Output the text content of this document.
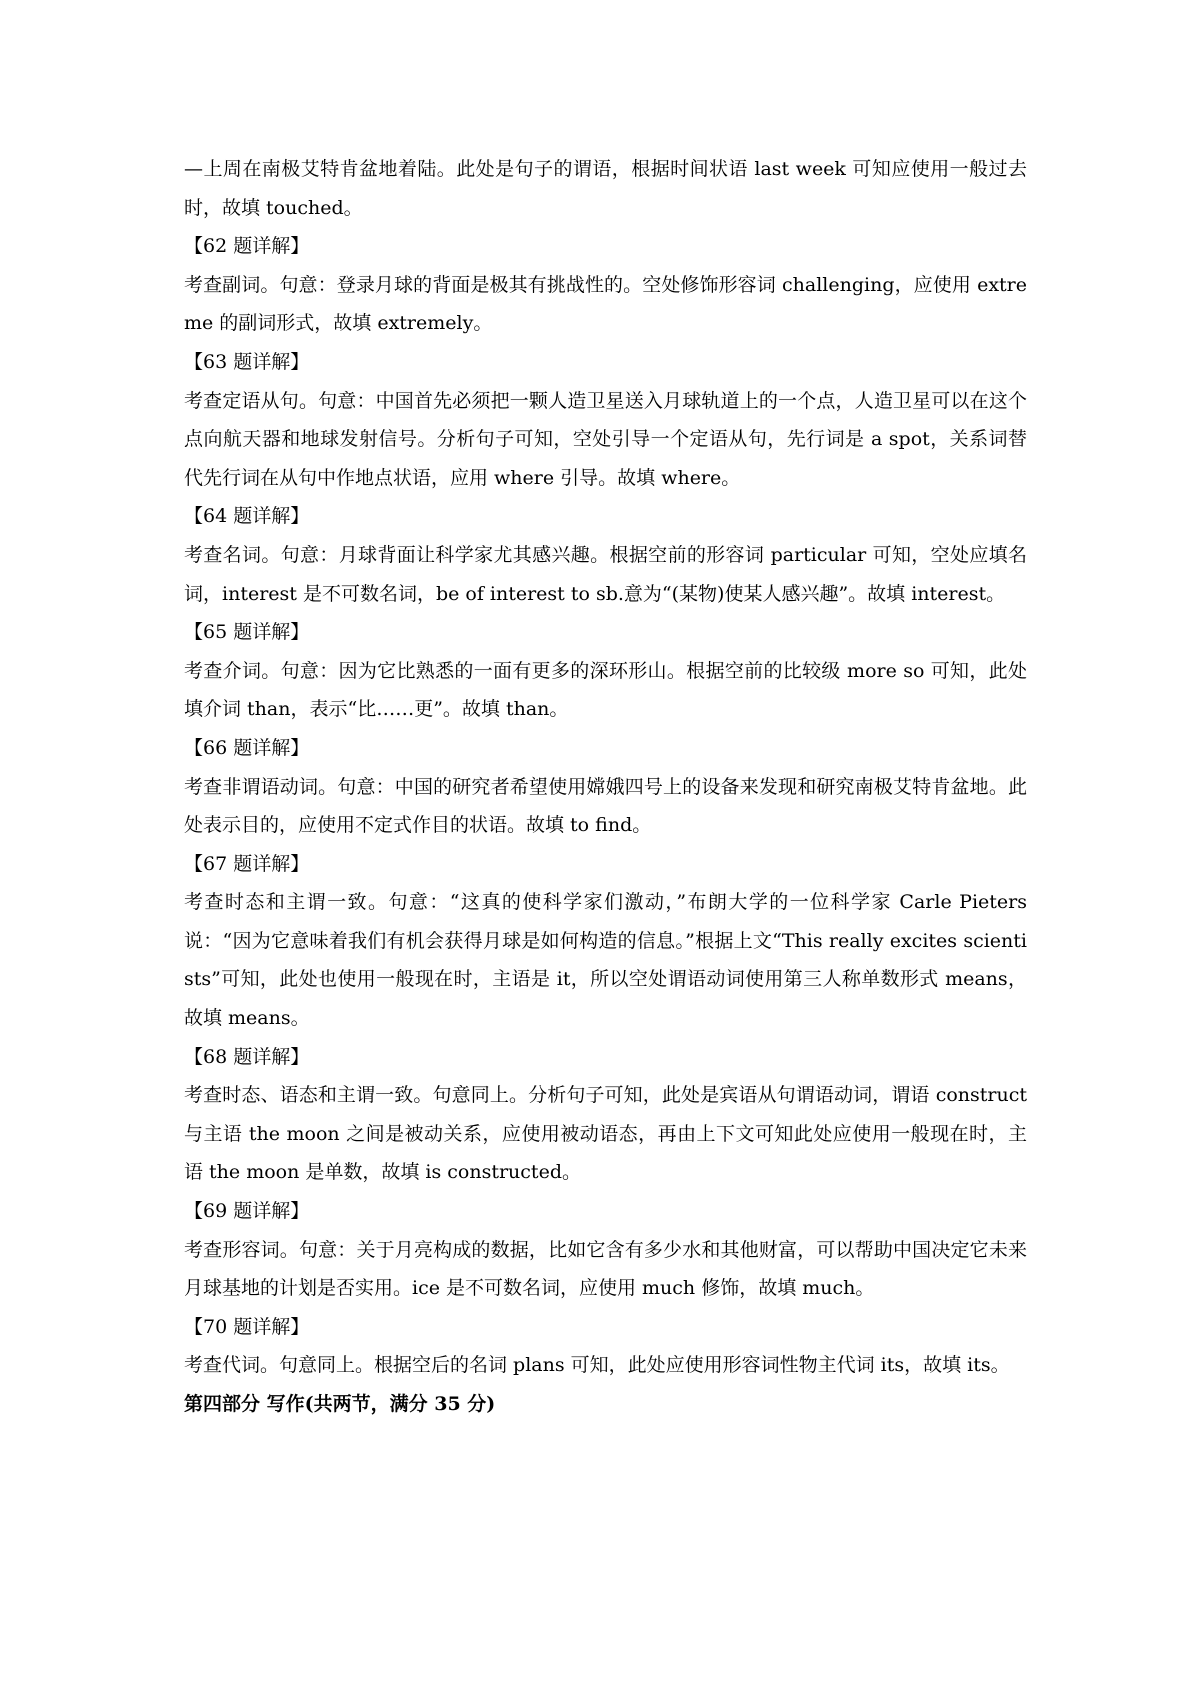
—上周在南极艾特肯盆地着陆。此处是句子的谓语，根据时间状语 last week 可知应使用一般过去时，故填 touched。

【62 题详解】

考查副词。句意：登录月球的背面是极其有挑战性的。空处修饰形容词 challenging，应使用 extreme 的副词形式，故填 extremely。

【63 题详解】

考查定语从句。句意：中国首先必须把一颗人造卫星送入月球轨道上的一个点，人造卫星可以在这个点向航天器和地球发射信号。分析句子可知，空处引导一个定语从句，先行词是 a spot，关系词替代先行词在从句中作地点状语，应用 where 引导。故填 where。

【64 题详解】

考查名词。句意：月球背面让科学家尤其感兴趣。根据空前的形容词 particular 可知，空处应填名词，interest 是不可数名词，be of interest to sb.意为“(某物)使某人感兴趣”。故填 interest。

【65 题详解】

考查介词。句意：因为它比熟悉的一面有更多的深环形山。根据空前的比较级 more so 可知，此处填介词 than，表示“比……更”。故填 than。

【66 题详解】

考查非谓语动词。句意：中国的研究者希望使用嫦娥四号上的设备来发现和研究南极艾特肯盆地。此处表示目的，应使用不定式作目的状语。故填 to find。

【67 题详解】

考查时态和主谓一致。句意：“这真的使科学家们激动，”布朗大学的一位科学家 Carle Pieters 说：“因为它意味着我们有机会获得月球是如何构造的信息。”根据上文“This really excites scientists”可知，此处也使用一般现在时，主语是 it，所以空处谓语动词使用第三人称单数形式 means，故填 means。

【68 题详解】

考查时态、语态和主谓一致。句意同上。分析句子可知，此处是宾语从句谓语动词，谓语 construct 与主语 the moon 之间是被动关系，应使用被动语态，再由上下文可知此处应使用一般现在时，主语 the moon 是单数，故填 is constructed。

【69 题详解】

考查形容词。句意：关于月亮构成的数据，比如它含有多少水和其他财富，可以帮助中国决定它未来月球基地的计划是否实用。ice 是不可数名词，应使用 much 修饰，故填 much。

【70 题详解】

考查代词。句意同上。根据空后的名词 plans 可知，此处应使用形容词性物主代词 its，故填 its。

第四部分 写作(共两节，满分 35 分)
